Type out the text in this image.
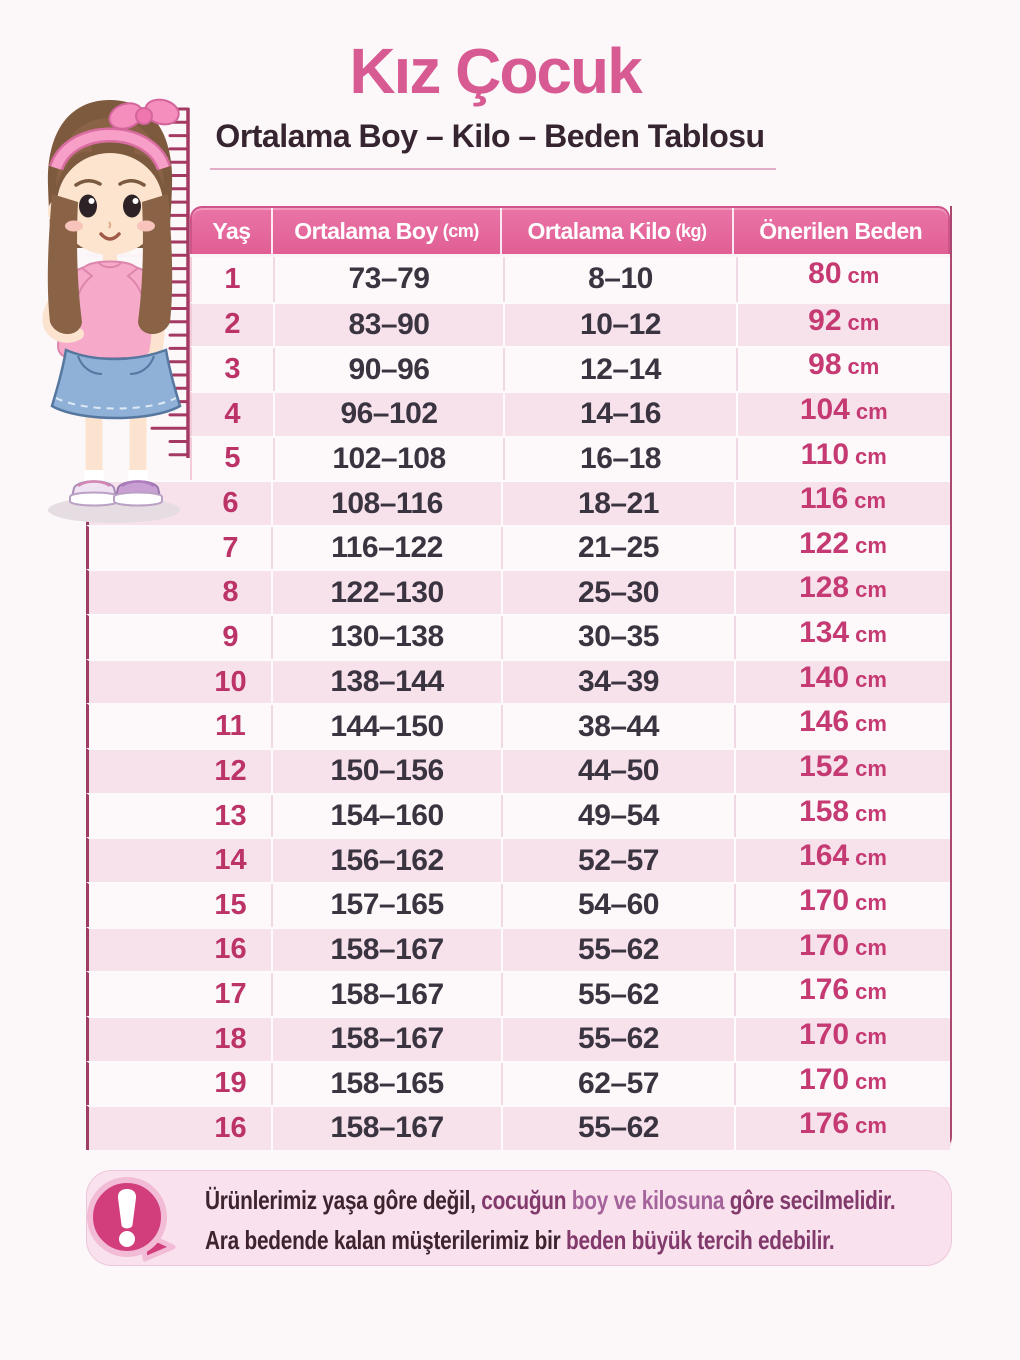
Kız Çocuk
Ortalama Boy – Kilo – Beden Tablosu
Yaş Ortalama Boy (cm) Ortalama Kilo (kg) Önerilen Beden
1	73–79	8–10	80 cm
2	83–90	10–12	92 cm
3	90–96	12–14	98 cm
4	96–102	14–16	104 cm
5	102–108	16–18	110 cm
6	108–116	18–21	116 cm
7	116–122	21–25	122 cm
8	122–130	25–30	128 cm
9	130–138	30–35	134 cm
10	138–144	34–39	140 cm
11	144–150	38–44	146 cm
12	150–156	44–50	152 cm
13	154–160	49–54	158 cm
14	156–162	52–57	164 cm
15	157–165	54–60	170 cm
16	158–167	55–62	170 cm
17	158–167	55–62	176 cm
18	158–167	55–62	170 cm
19	158–165	62–57	170 cm
16	158–167	55–62	176 cm

Ürünlerimiz yaşa gôre değil, cocuğun boy ve kilosuna gôre secilmelidir.

Ara bedende kalan müşterilerimiz bir beden büyük tercih edebilir.
